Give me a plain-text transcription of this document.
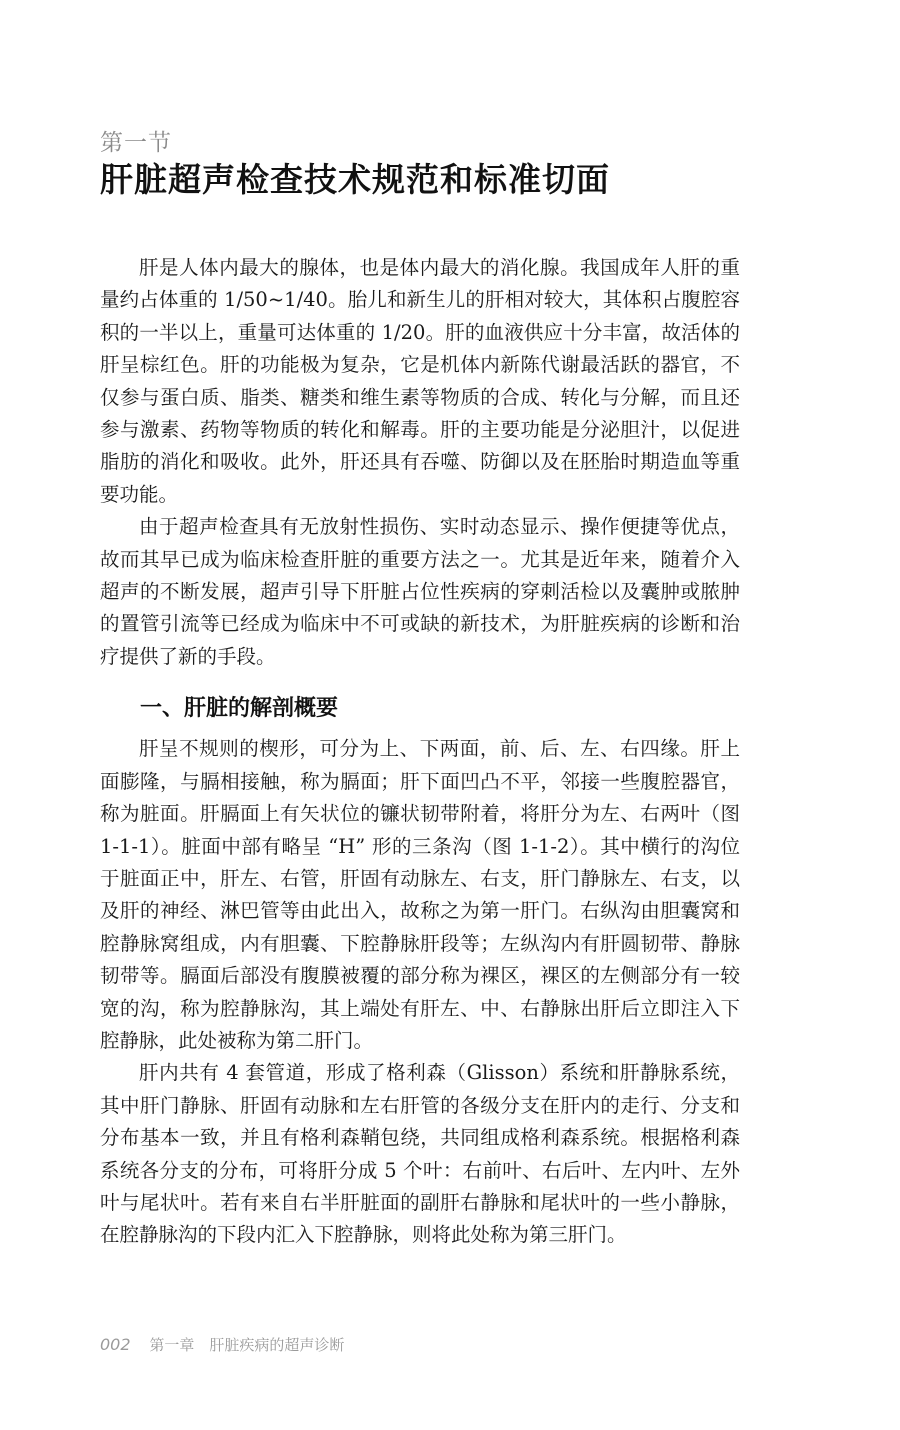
第一节
肝脏超声检查技术规范和标准切面

肝是人体内最大的腺体，也是体内最大的消化腺。我国成年人肝的重量约占体重的 1/50~1/40。胎儿和新生儿的肝相对较大，其体积占腹腔容积的一半以上，重量可达体重的 1/20。肝的血液供应十分丰富，故活体的肝呈棕红色。肝的功能极为复杂，它是机体内新陈代谢最活跃的器官，不仅参与蛋白质、脂类、糖类和维生素等物质的合成、转化与分解，而且还参与激素、药物等物质的转化和解毒。肝的主要功能是分泌胆汁，以促进脂肪的消化和吸收。此外，肝还具有吞噬、防御以及在胚胎时期造血等重要功能。

由于超声检查具有无放射性损伤、实时动态显示、操作便捷等优点，故而其早已成为临床检查肝脏的重要方法之一。尤其是近年来，随着介入超声的不断发展，超声引导下肝脏占位性疾病的穿刺活检以及囊肿或脓肿的置管引流等已经成为临床中不可或缺的新技术，为肝脏疾病的诊断和治疗提供了新的手段。

一、肝脏的解剖概要

肝呈不规则的楔形，可分为上、下两面，前、后、左、右四缘。肝上面膨隆，与膈相接触，称为膈面；肝下面凹凸不平，邻接一些腹腔器官，称为脏面。肝膈面上有矢状位的镰状韧带附着，将肝分为左、右两叶（图 1-1-1）。脏面中部有略呈 “H” 形的三条沟（图 1-1-2）。其中横行的沟位于脏面正中，肝左、右管，肝固有动脉左、右支，肝门静脉左、右支，以及肝的神经、淋巴管等由此出入，故称之为第一肝门。右纵沟由胆囊窝和腔静脉窝组成，内有胆囊、下腔静脉肝段等；左纵沟内有肝圆韧带、静脉韧带等。膈面后部没有腹膜被覆的部分称为裸区，裸区的左侧部分有一较宽的沟，称为腔静脉沟，其上端处有肝左、中、右静脉出肝后立即注入下腔静脉，此处被称为第二肝门。

肝内共有 4 套管道，形成了格利森（Glisson）系统和肝静脉系统，其中肝门静脉、肝固有动脉和左右肝管的各级分支在肝内的走行、分支和分布基本一致，并且有格利森鞘包绕，共同组成格利森系统。根据格利森系统各分支的分布，可将肝分成 5 个叶：右前叶、右后叶、左内叶、左外叶与尾状叶。若有来自右半肝脏面的副肝右静脉和尾状叶的一些小静脉，在腔静脉沟的下段内汇入下腔静脉，则将此处称为第三肝门。

002 第一章　肝脏疾病的超声诊断
